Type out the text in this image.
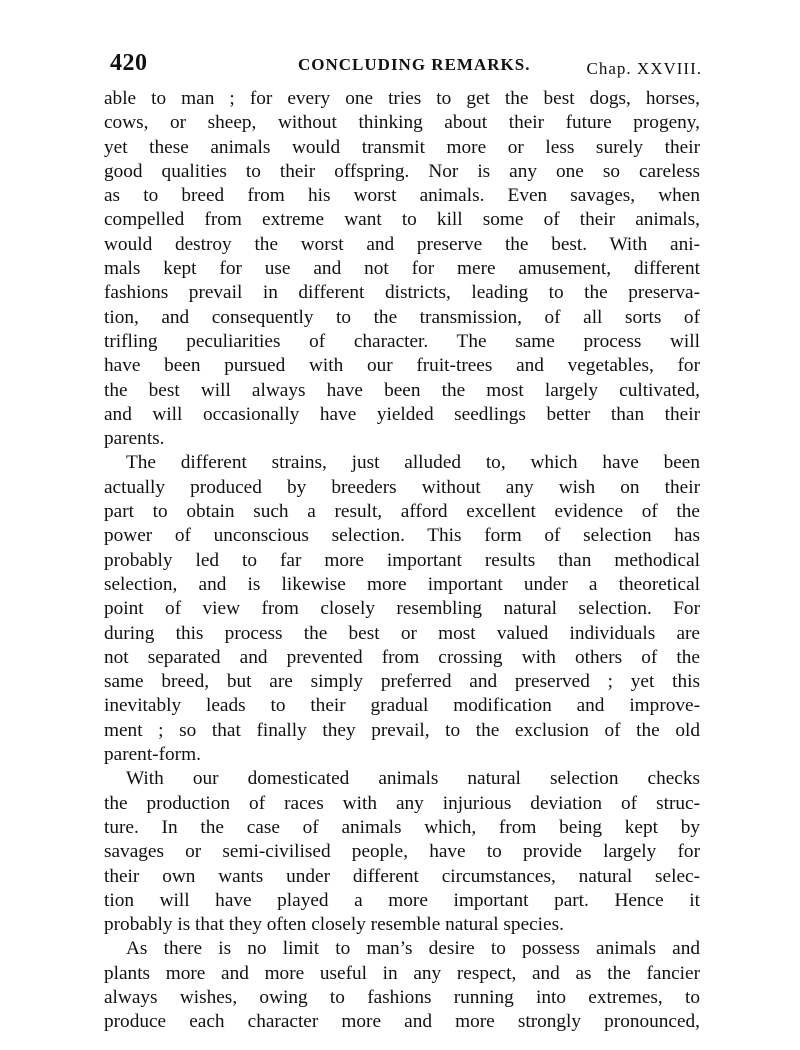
420	CONCLUDING REMARKS.	Chap. XXVIII.
able to man ; for every one tries to get the best dogs, horses,
cows, or sheep, without thinking about their future progeny,
yet these animals would transmit more or less surely their
good qualities to their offspring. Nor is any one so careless
as to breed from his worst animals. Even savages, when
compelled from extreme want to kill some of their animals,
would destroy the worst and preserve the best. With ani-
mals kept for use and not for mere amusement, different
fashions prevail in different districts, leading to the preserva-
tion, and consequently to the transmission, of all sorts of
trifling peculiarities of character. The same process will
have been pursued with our fruit-trees and vegetables, for
the best will always have been the most largely cultivated,
and will occasionally have yielded seedlings better than their
parents.
The different strains, just alluded to, which have been
actually produced by breeders without any wish on their
part to obtain such a result, afford excellent evidence of the
power of unconscious selection. This form of selection has
probably led to far more important results than methodical
selection, and is likewise more important under a theoretical
point of view from closely resembling natural selection. For
during this process the best or most valued individuals are
not separated and prevented from crossing with others of the
same breed, but are simply preferred and preserved ; yet this
inevitably leads to their gradual modification and improve-
ment ; so that finally they prevail, to the exclusion of the old
parent-form.
With our domesticated animals natural selection checks
the production of races with any injurious deviation of struc-
ture. In the case of animals which, from being kept by
savages or semi-civilised people, have to provide largely for
their own wants under different circumstances, natural selec-
tion will have played a more important part. Hence it
probably is that they often closely resemble natural species.
As there is no limit to man’s desire to possess animals and
plants more and more useful in any respect, and as the fancier
always wishes, owing to fashions running into extremes, to
produce each character more and more strongly pronounced,
